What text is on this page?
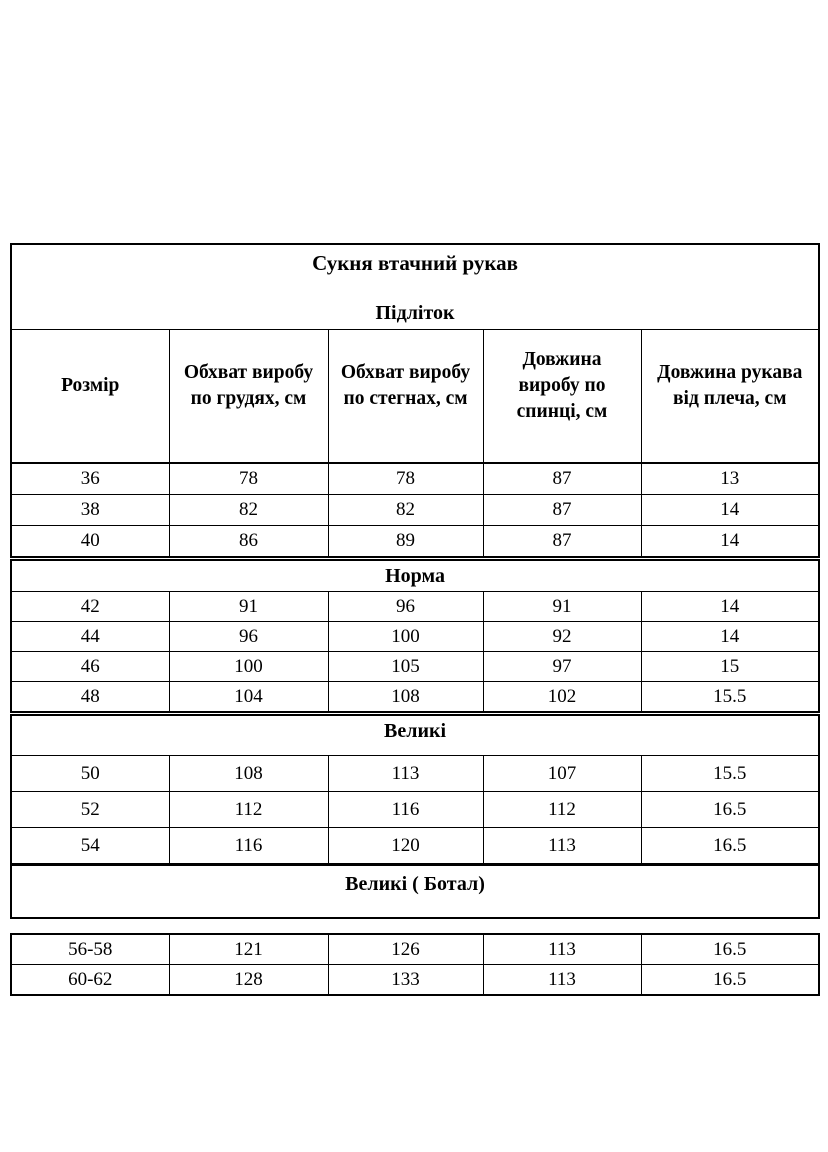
Сукня втачний рукав
Підліток				

Розмір	Обхват виробу по грудях, см	Обхват виробу по стегнах, см	Довжина виробу по спинці, см	Довжина рукава від плеча, см
36	78	78	87	13
38	82	82	87	14
40	86	89	87	14
Норма				
42	91	96	91	14
44	96	100	92	14
46	100	105	97	15
48	104	108	102	15.5
Великі				
50	108	113	107	15.5
52	112	116	112	16.5
54	116	120	113	16.5
Великі ( Ботал)				
56-58	121	126	113	16.5
60-62	128	133	113	16.5
